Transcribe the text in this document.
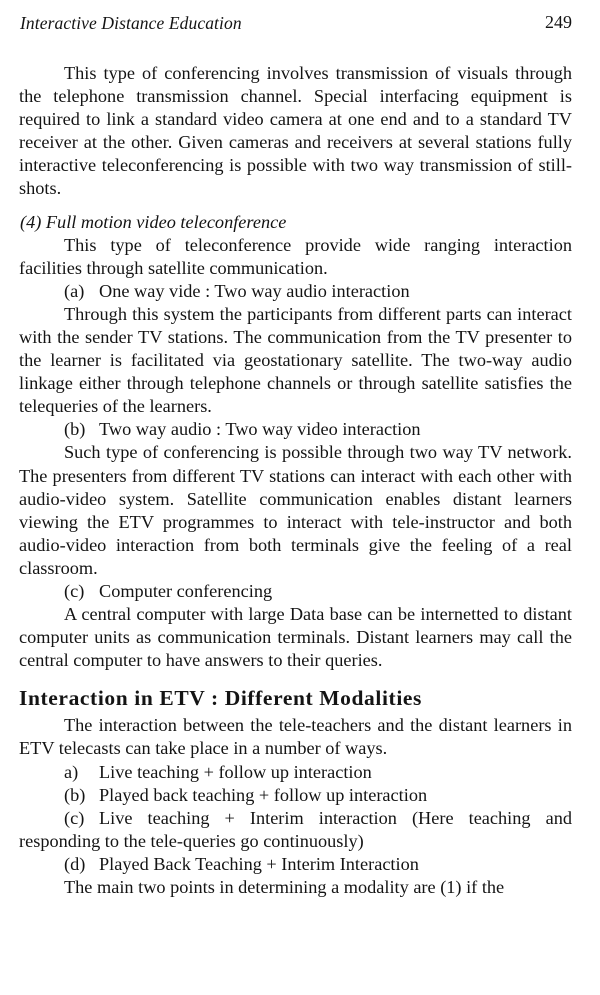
Interactive Distance Education	249

This type of conferencing involves transmission of visuals through the telephone transmission channel. Special interfacing equipment is required to link a standard video camera at one end and to a standard TV receiver at the other. Given cameras and receivers at several stations fully interactive teleconferencing is possible with two way transmission of still-shots.

(4) Full motion video teleconference

This type of teleconference provide wide ranging interaction facilities through satellite communication.

(a) One way vide : Two way audio interaction

Through this system the participants from different parts can interact with the sender TV stations. The communication from the TV presenter to the learner is facilitated via geostationary satellite. The two-way audio linkage either through telephone channels or through satellite satisfies the telequeries of the learners.

(b) Two way audio : Two way video interaction

Such type of conferencing is possible through two way TV network. The presenters from different TV stations can interact with each other with audio-video system. Satellite communication enables distant learners viewing the ETV programmes to interact with tele-instructor and both audio-video interaction from both terminals give the feeling of a real classroom.

(c) Computer conferencing

A central computer with large Data base can be internetted to distant computer units as communication terminals. Distant learners may call the central computer to have answers to their queries.

Interaction in ETV : Different Modalities

The interaction between the tele-teachers and the distant learners in ETV telecasts can take place in a number of ways.

a) Live teaching + follow up interaction

(b) Played back teaching + follow up interaction

(c) Live teaching + Interim interaction (Here teaching and responding to the tele-queries go continuously)

(d) Played Back Teaching + Interim Interaction

The main two points in determining a modality are (1) if the
